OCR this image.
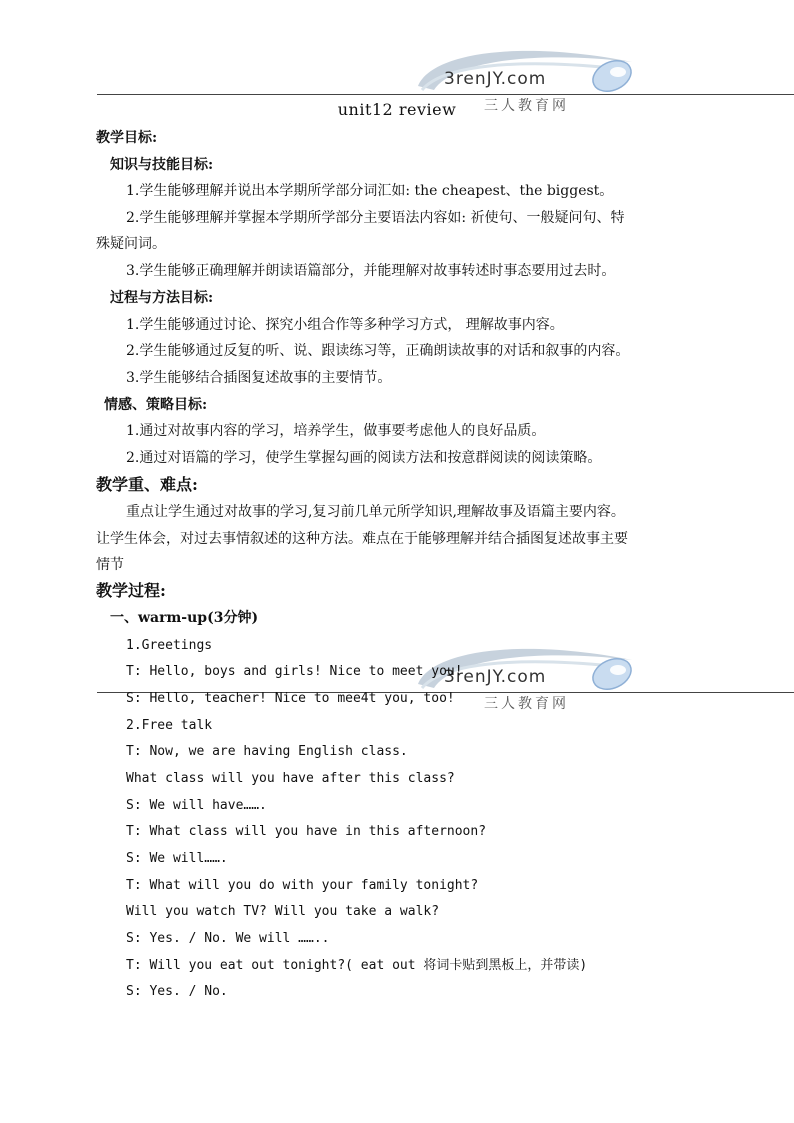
3renJY.com
三人教育网
3renJY.com
三人教育网
unit12 review
教学目标:
知识与技能目标:
1.学生能够理解并说出本学期所学部分词汇如: the cheapest、the biggest。
2.学生能够理解并掌握本学期所学部分主要语法内容如: 祈使句、一般疑问句、特
殊疑问词。
3.学生能够正确理解并朗读语篇部分，并能理解对故事转述时事态要用过去时。
过程与方法目标:
1.学生能够通过讨论、探究小组合作等多种学习方式， 理解故事内容。
2.学生能够通过反复的听、说、跟读练习等，正确朗读故事的对话和叙事的内容。
3.学生能够结合插图复述故事的主要情节。
情感、策略目标:
1.通过对故事内容的学习，培养学生，做事要考虑他人的良好品质。
2.通过对语篇的学习，使学生掌握勾画的阅读方法和按意群阅读的阅读策略。
教学重、难点:
重点让学生通过对故事的学习,复习前几单元所学知识,理解故事及语篇主要内容。
让学生体会，对过去事情叙述的这种方法。难点在于能够理解并结合插图复述故事主要
情节
教学过程:
一、warm-up(3分钟)
1.Greetings
T: Hello, boys and girls! Nice to meet you!
S: Hello, teacher! Nice to mee4t you, too!
2.Free talk
T: Now, we are having English class.
What class will you have after this class?
S: We will have…….
T: What class will you have in this afternoon?
S: We will…….
T: What will you do with your family tonight?
Will you watch TV? Will you take a walk?
S: Yes. / No. We will ……..
T: Will you eat out tonight?( eat out 将词卡贴到黑板上，并带读)
S: Yes. / No.
